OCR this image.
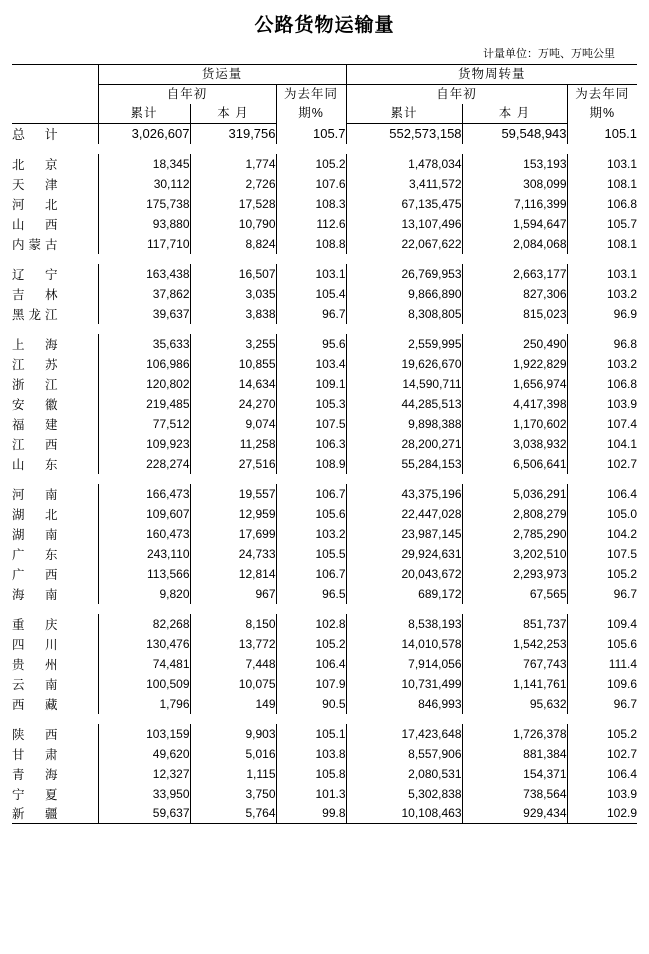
公路货物运输量
计量单位：万吨、万吨公里
	货运量			货物周转量		
自年初	为去年同
期%
	自年初	为去年同
期%

	累计	本 月		累计	本 月	
总 计	3,026,607	319,756	105.7	552,573,158	59,548,943	105.1

北　京	18,345	1,774	105.2	1,478,034	153,193	103.1
天　津	30,112	2,726	107.6	3,411,572	308,099	108.1
河　北	175,738	17,528	108.3	67,135,475	7,116,399	106.8
山　西	93,880	10,790	112.6	13,107,496	1,594,647	105.7
内蒙古	117,710	8,824	108.8	22,067,622	2,084,068	108.1

辽　宁	163,438	16,507	103.1	26,769,953	2,663,177	103.1
吉　林	37,862	3,035	105.4	9,866,890	827,306	103.2
黑龙江	39,637	3,838	96.7	8,308,805	815,023	96.9

上　海	35,633	3,255	95.6	2,559,995	250,490	96.8
江　苏	106,986	10,855	103.4	19,626,670	1,922,829	103.2
浙　江	120,802	14,634	109.1	14,590,711	1,656,974	106.8
安　徽	219,485	24,270	105.3	44,285,513	4,417,398	103.9
福　建	77,512	9,074	107.5	9,898,388	1,170,602	107.4
江　西	109,923	11,258	106.3	28,200,271	3,038,932	104.1
山　东	228,274	27,516	108.9	55,284,153	6,506,641	102.7

河　南	166,473	19,557	106.7	43,375,196	5,036,291	106.4
湖　北	109,607	12,959	105.6	22,447,028	2,808,279	105.0
湖　南	160,473	17,699	103.2	23,987,145	2,785,290	104.2
广　东	243,110	24,733	105.5	29,924,631	3,202,510	107.5
广　西	113,566	12,814	106.7	20,043,672	2,293,973	105.2
海　南	9,820	967	96.5	689,172	67,565	96.7

重　庆	82,268	8,150	102.8	8,538,193	851,737	109.4
四　川	130,476	13,772	105.2	14,010,578	1,542,253	105.6
贵　州	74,481	7,448	106.4	7,914,056	767,743	111.4
云　南	100,509	10,075	107.9	10,731,499	1,141,761	109.6
西　藏	1,796	149	90.5	846,993	95,632	96.7

陕　西	103,159	9,903	105.1	17,423,648	1,726,378	105.2
甘　肃	49,620	5,016	103.8	8,557,906	881,384	102.7
青　海	12,327	1,115	105.8	2,080,531	154,371	106.4
宁　夏	33,950	3,750	101.3	5,302,838	738,564	103.9
新　疆	59,637	5,764	99.8	10,108,463	929,434	102.9
